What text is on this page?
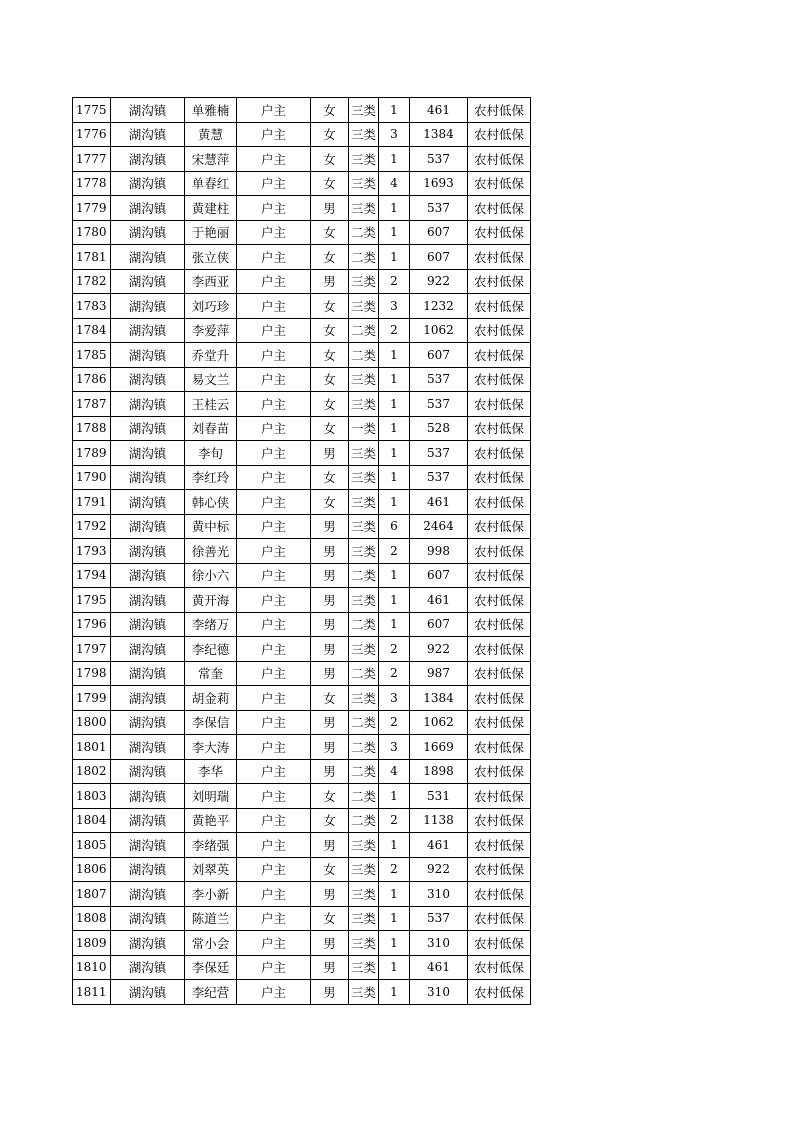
1775	湖沟镇	单雅楠	户主	女	三类	1	461	农村低保
1776	湖沟镇	黄慧	户主	女	三类	3	1384	农村低保
1777	湖沟镇	宋慧萍	户主	女	三类	1	537	农村低保
1778	湖沟镇	单春红	户主	女	三类	4	1693	农村低保
1779	湖沟镇	黄建柱	户主	男	三类	1	537	农村低保
1780	湖沟镇	于艳丽	户主	女	二类	1	607	农村低保
1781	湖沟镇	张立侠	户主	女	二类	1	607	农村低保
1782	湖沟镇	李西亚	户主	男	三类	2	922	农村低保
1783	湖沟镇	刘巧珍	户主	女	三类	3	1232	农村低保
1784	湖沟镇	李爱萍	户主	女	二类	2	1062	农村低保
1785	湖沟镇	乔堂升	户主	女	二类	1	607	农村低保
1786	湖沟镇	易文兰	户主	女	三类	1	537	农村低保
1787	湖沟镇	王桂云	户主	女	三类	1	537	农村低保
1788	湖沟镇	刘春苗	户主	女	一类	1	528	农村低保
1789	湖沟镇	李旬	户主	男	三类	1	537	农村低保
1790	湖沟镇	李红玲	户主	女	三类	1	537	农村低保
1791	湖沟镇	韩心侠	户主	女	三类	1	461	农村低保
1792	湖沟镇	黄中标	户主	男	三类	6	2464	农村低保
1793	湖沟镇	徐善光	户主	男	三类	2	998	农村低保
1794	湖沟镇	徐小六	户主	男	二类	1	607	农村低保
1795	湖沟镇	黄开海	户主	男	三类	1	461	农村低保
1796	湖沟镇	李绪万	户主	男	二类	1	607	农村低保
1797	湖沟镇	李纪德	户主	男	三类	2	922	农村低保
1798	湖沟镇	常奎	户主	男	二类	2	987	农村低保
1799	湖沟镇	胡金莉	户主	女	三类	3	1384	农村低保
1800	湖沟镇	李保信	户主	男	二类	2	1062	农村低保
1801	湖沟镇	李大涛	户主	男	二类	3	1669	农村低保
1802	湖沟镇	李华	户主	男	二类	4	1898	农村低保
1803	湖沟镇	刘明瑞	户主	女	二类	1	531	农村低保
1804	湖沟镇	黄艳平	户主	女	二类	2	1138	农村低保
1805	湖沟镇	李绪强	户主	男	三类	1	461	农村低保
1806	湖沟镇	刘翠英	户主	女	三类	2	922	农村低保
1807	湖沟镇	李小新	户主	男	三类	1	310	农村低保
1808	湖沟镇	陈道兰	户主	女	三类	1	537	农村低保
1809	湖沟镇	常小会	户主	男	三类	1	310	农村低保
1810	湖沟镇	李保廷	户主	男	三类	1	461	农村低保
1811	湖沟镇	李纪营	户主	男	三类	1	310	农村低保
